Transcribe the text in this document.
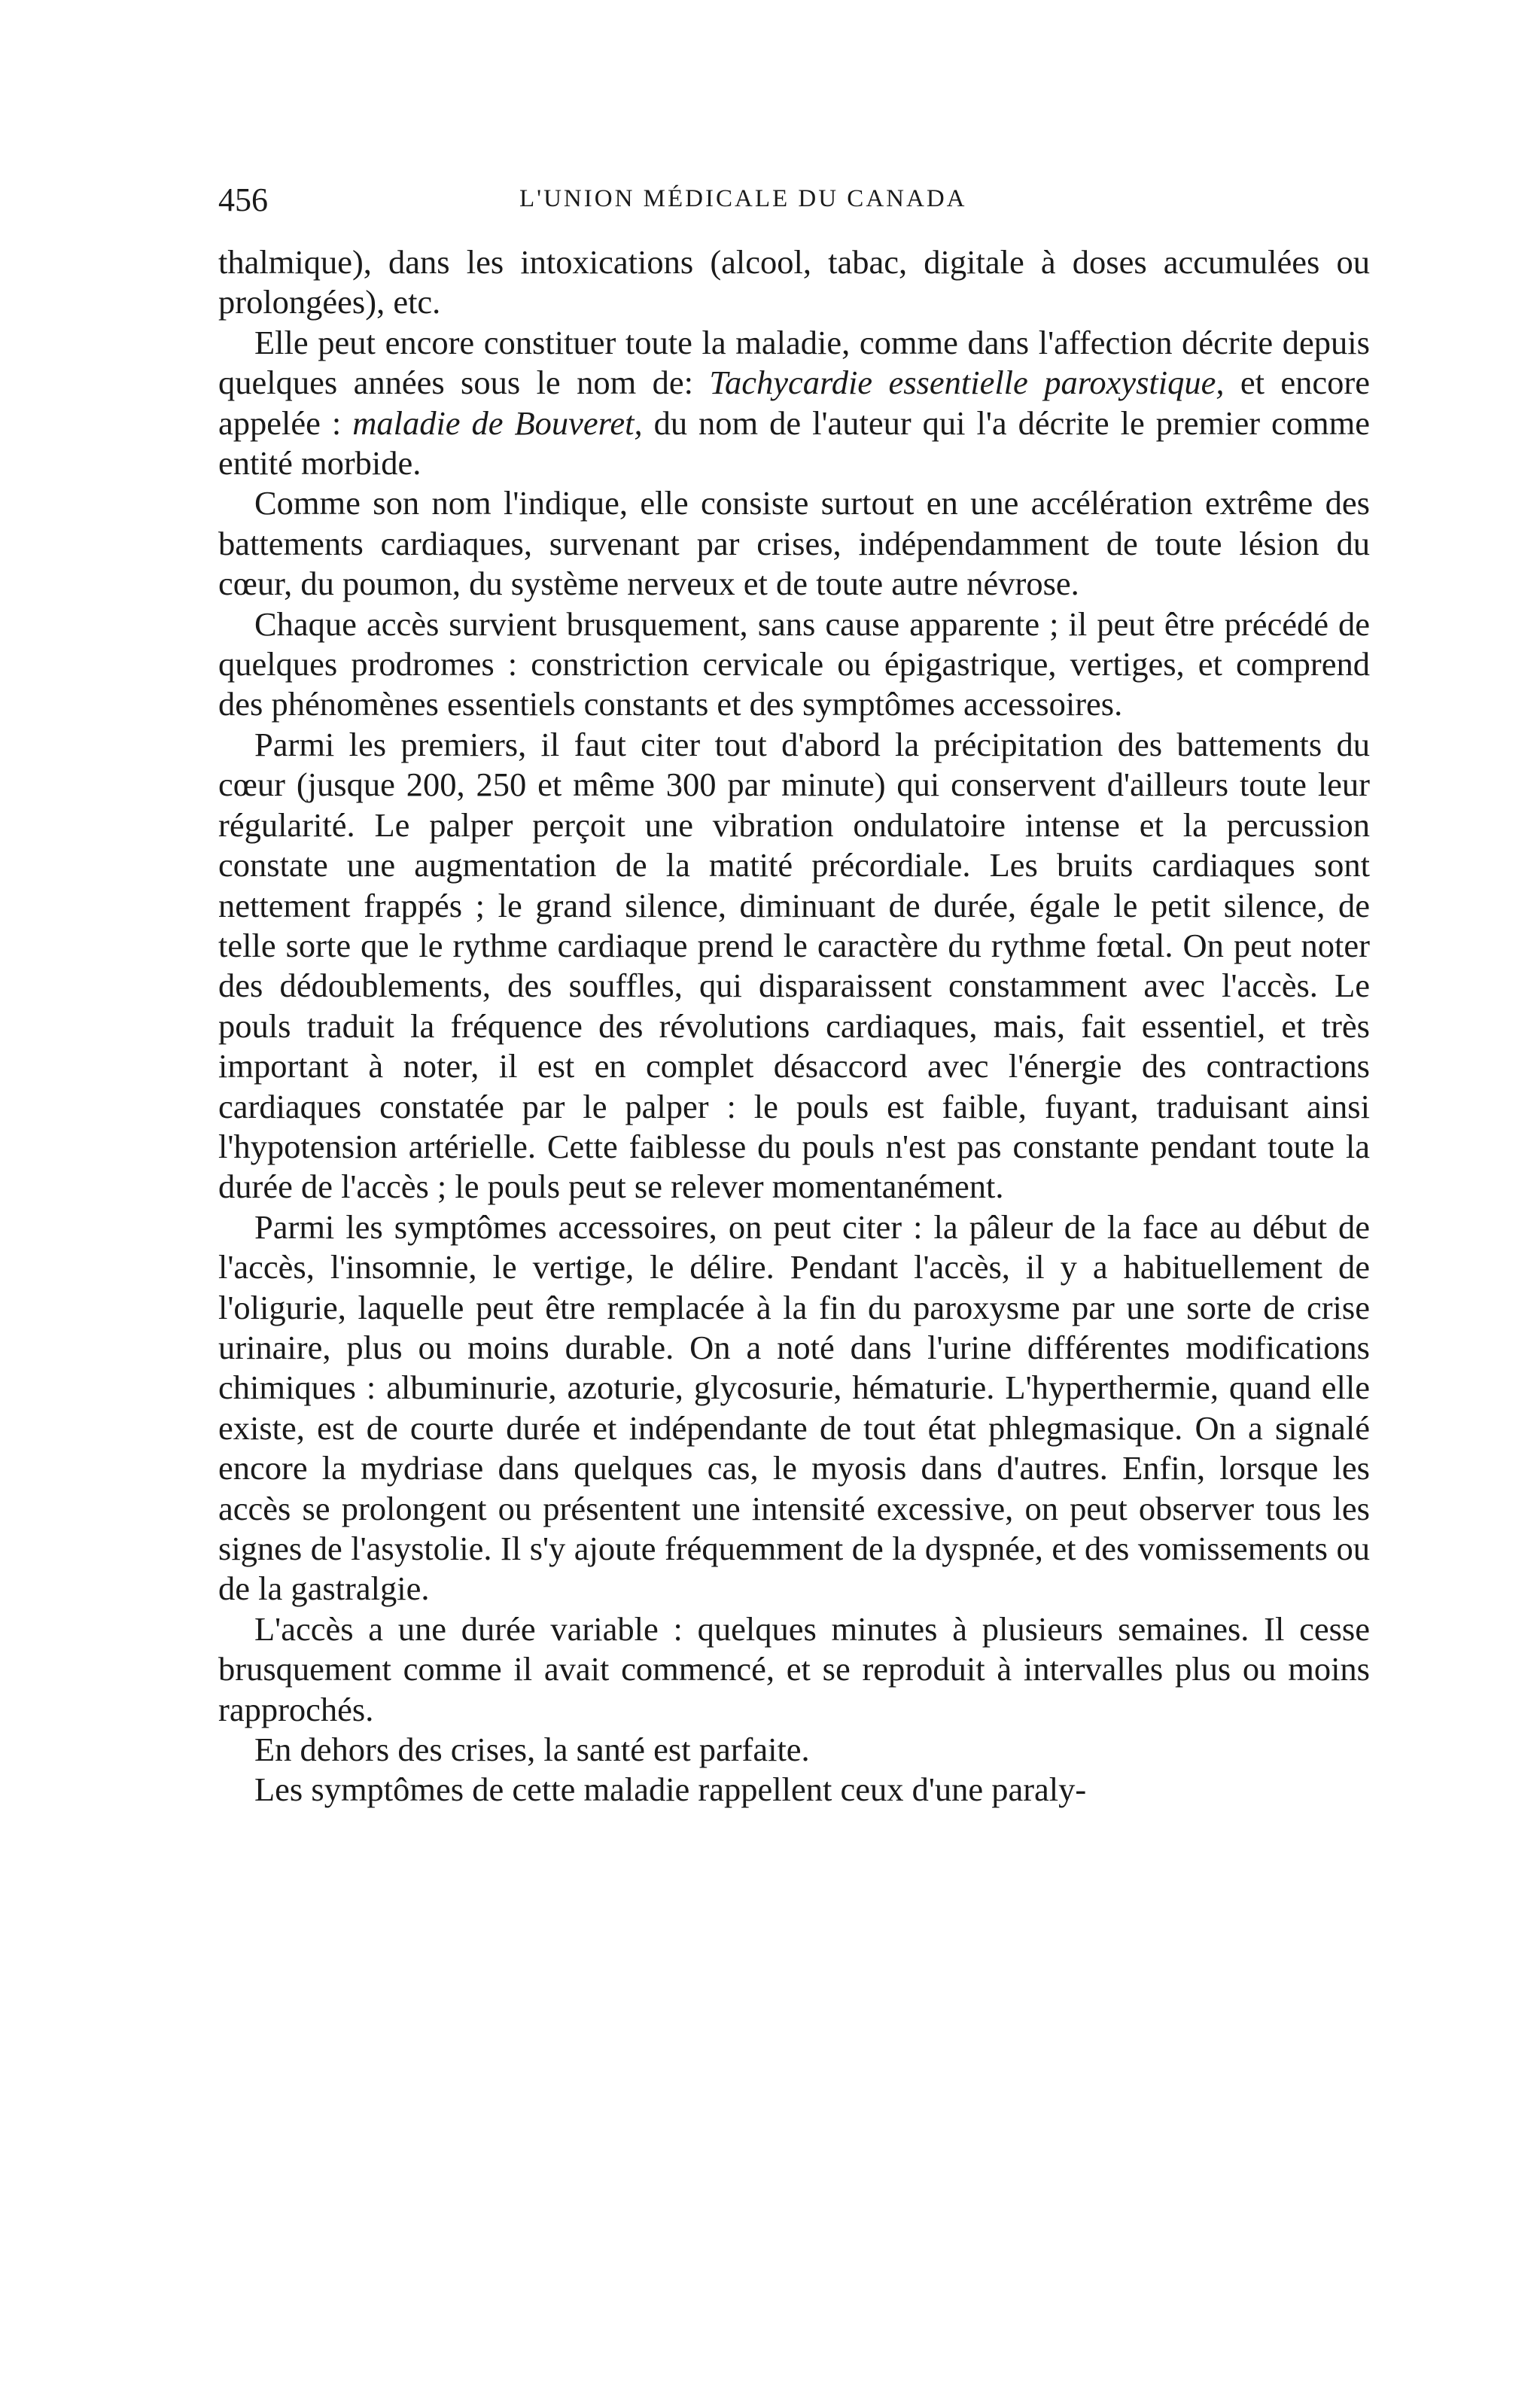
456	L'UNION MÉDICALE DU CANADA

thalmique), dans les intoxications (alcool, tabac, digitale à doses accumulées ou prolongées), etc.

Elle peut encore constituer toute la maladie, comme dans l'affection décrite depuis quelques années sous le nom de: Tachycardie essentielle paroxystique, et encore appelée : maladie de Bouveret, du nom de l'auteur qui l'a décrite le premier comme entité morbide.

Comme son nom l'indique, elle consiste surtout en une accélération extrême des battements cardiaques, survenant par crises, indépendamment de toute lésion du cœur, du poumon, du système nerveux et de toute autre névrose.

Chaque accès survient brusquement, sans cause apparente ; il peut être précédé de quelques prodromes : constriction cervicale ou épigastrique, vertiges, et comprend des phénomènes essentiels constants et des symptômes accessoires.

Parmi les premiers, il faut citer tout d'abord la précipitation des battements du cœur (jusque 200, 250 et même 300 par minute) qui conservent d'ailleurs toute leur régularité. Le palper perçoit une vibration ondulatoire intense et la percussion constate une augmentation de la matité précordiale. Les bruits cardiaques sont nettement frappés ; le grand silence, diminuant de durée, égale le petit silence, de telle sorte que le rythme cardiaque prend le caractère du rythme fœtal. On peut noter des dédoublements, des souffles, qui disparaissent constamment avec l'accès. Le pouls traduit la fréquence des révolutions cardiaques, mais, fait essentiel, et très important à noter, il est en complet désaccord avec l'énergie des contractions cardiaques constatée par le palper : le pouls est faible, fuyant, traduisant ainsi l'hypotension artérielle. Cette faiblesse du pouls n'est pas constante pendant toute la durée de l'accès ; le pouls peut se relever momentanément.

Parmi les symptômes accessoires, on peut citer : la pâleur de la face au début de l'accès, l'insomnie, le vertige, le délire. Pendant l'accès, il y a habituellement de l'oligurie, laquelle peut être remplacée à la fin du paroxysme par une sorte de crise urinaire, plus ou moins durable. On a noté dans l'urine différentes modifications chimiques : albuminurie, azoturie, glycosurie, hématurie. L'hyperthermie, quand elle existe, est de courte durée et indépendante de tout état phlegmasique. On a signalé encore la mydriase dans quelques cas, le myosis dans d'autres. Enfin, lorsque les accès se prolongent ou présentent une intensité excessive, on peut observer tous les signes de l'asystolie. Il s'y ajoute fréquemment de la dyspnée, et des vomissements ou de la gastralgie.

L'accès a une durée variable : quelques minutes à plusieurs semaines. Il cesse brusquement comme il avait commencé, et se reproduit à intervalles plus ou moins rapprochés.

En dehors des crises, la santé est parfaite.

Les symptômes de cette maladie rappellent ceux d'une paraly-
